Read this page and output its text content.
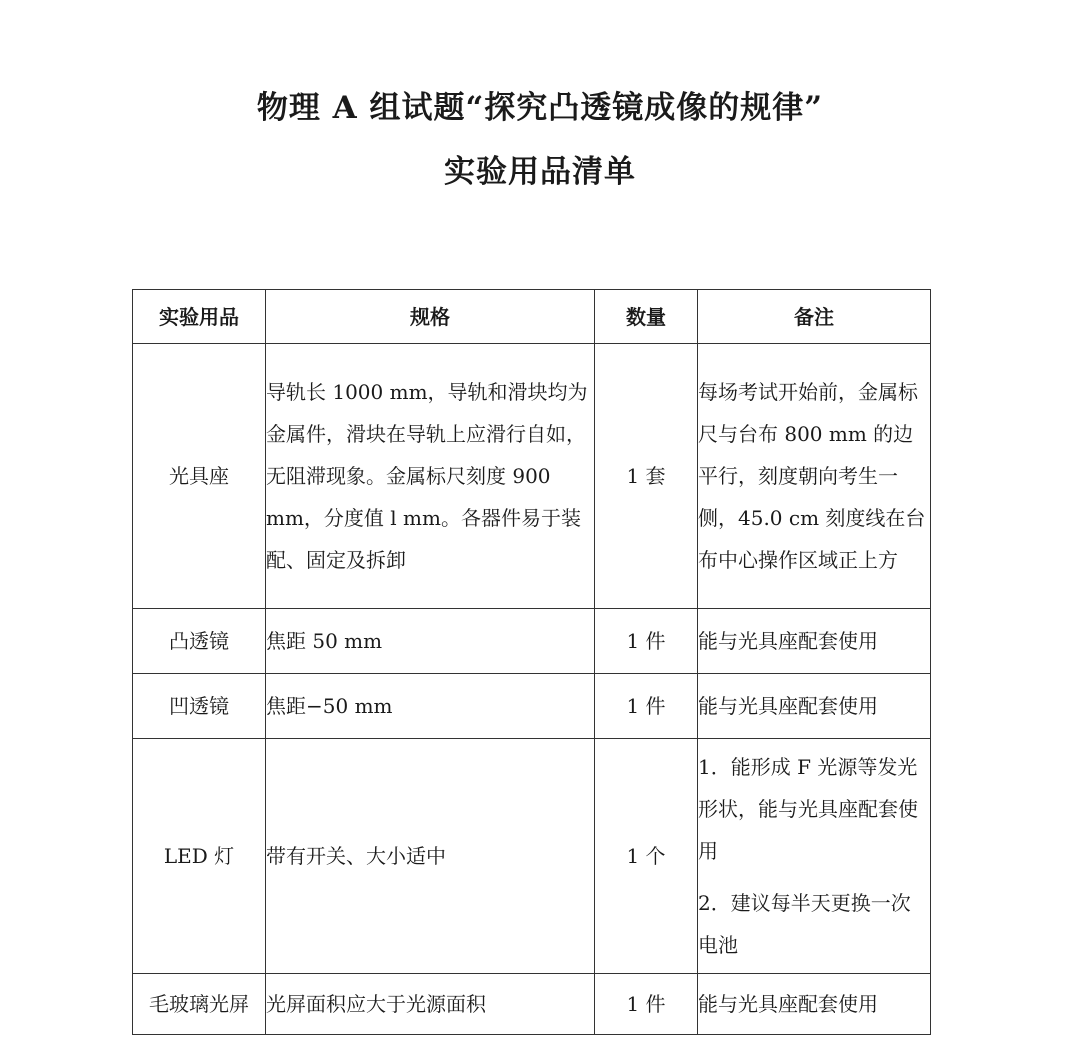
物理 A 组试题“探究凸透镜成像的规律”
实验用品清单
实验用品	规格	数量	备注
光具座	导轨长 1000 mm，导轨和滑块均为金属件，滑块在导轨上应滑行自如，无阻滞现象。金属标尺刻度 900 mm，分度值 l mm。各器件易于装配、固定及拆卸	1 套	每场考试开始前，金属标尺与台布 800 mm 的边平行，刻度朝向考生一侧，45.0 cm 刻度线在台布中心操作区域正上方

凸透镜	焦距 50 mm	1 件	能与光具座配套使用

凹透镜	焦距−50 mm	1 件	能与光具座配套使用

LED 灯	带有开关、大小适中	1 个	1．能形成 F 光源等发光形状，能与光具座配套使用

2．建议每半天更换一次电池

毛玻璃光屏	光屏面积应大于光源面积	1 件	能与光具座配套使用
